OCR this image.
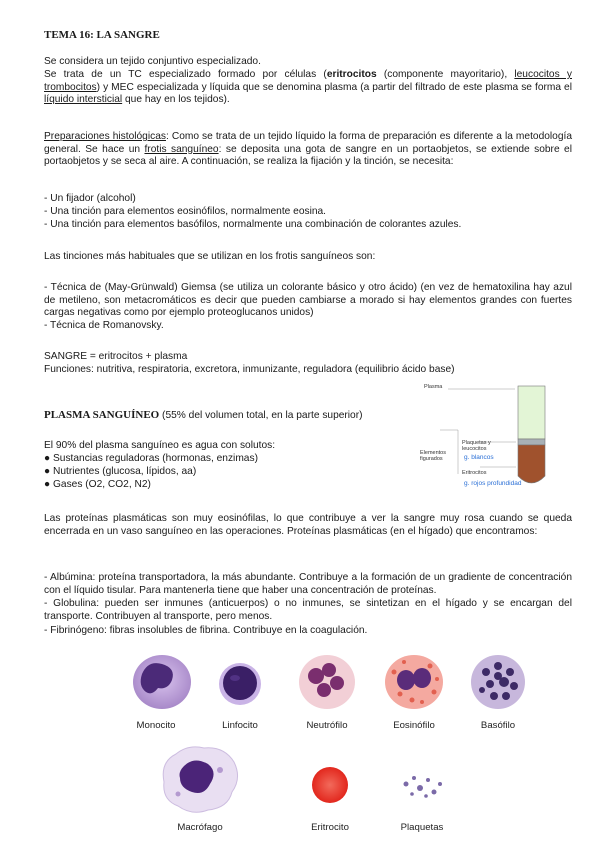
TEMA 16: LA SANGRE

Se considera un tejido conjuntivo especializado.

Se trata de un TC especializado formado por células (eritrocitos (componente mayoritario), leucocitos y trombocitos) y MEC especializada y líquida que se denomina plasma (a partir del filtrado de este plasma se forma el líquido intersticial que hay en los tejidos).

Preparaciones histológicas: Como se trata de un tejido líquido la forma de preparación es diferente a la metodología general. Se hace un frotis sanguíneo: se deposita una gota de sangre en un portaobjetos, se extiende sobre el portaobjetos y se seca al aire. A continuación, se realiza la fijación y la tinción, se necesita:

- Un fijador (alcohol)

- Una tinción para elementos eosinófilos, normalmente eosina.

- Una tinción para elementos basófilos, normalmente una combinación de colorantes azules.

Las tinciones más habituales que se utilizan en los frotis sanguíneos son:

- Técnica de (May-Grünwald) Giemsa (se utiliza un colorante básico y otro ácido) (en vez de hematoxilina hay azul de metileno, son metacromáticos es decir que pueden cambiarse a morado si hay elementos grandes con fuertes cargas negativas como por ejemplo proteoglucanos unidos)

- Técnica de Romanovsky.

SANGRE = eritrocitos + plasma

Funciones: nutritiva, respiratoria, excretora, inmunizante, reguladora (equilibrio ácido base)

PLASMA SANGUÍNEO (55% del volumen total, en la parte superior)

El 90% del plasma sanguíneo es agua con solutos:

● Sustancias reguladoras (hormonas, enzimas)

● Nutrientes (glucosa, lípidos, aa)

● Gases (O2, CO2, N2)

Plasma
Elementos figurados
Plaquetas y leucocitos
g. blancos
Eritrocitos
g. rojos profundidad

Las proteínas plasmáticas son muy eosinófilas, lo que contribuye a ver la sangre muy rosa cuando se queda encerrada en un vaso sanguíneo en las operaciones. Proteínas plasmáticas (en el hígado) que encontramos:

- Albúmina: proteína transportadora, la más abundante. Contribuye a la formación de un gradiente de concentración con el líquido tisular. Para mantenerla tiene que haber una concentración de proteínas.

- Globulina: pueden ser inmunes (anticuerpos) o no inmunes, se sintetizan en el hígado y se encargan del transporte. Contribuyen al transporte, pero menos.

- Fibrinógeno: fibras insolubles de fibrina. Contribuye en la coagulación.

Monocito	Linfocito	Neutrófilo	Eosinófilo	Basófilo
Macrófago	Eritrocito	Plaquetas
